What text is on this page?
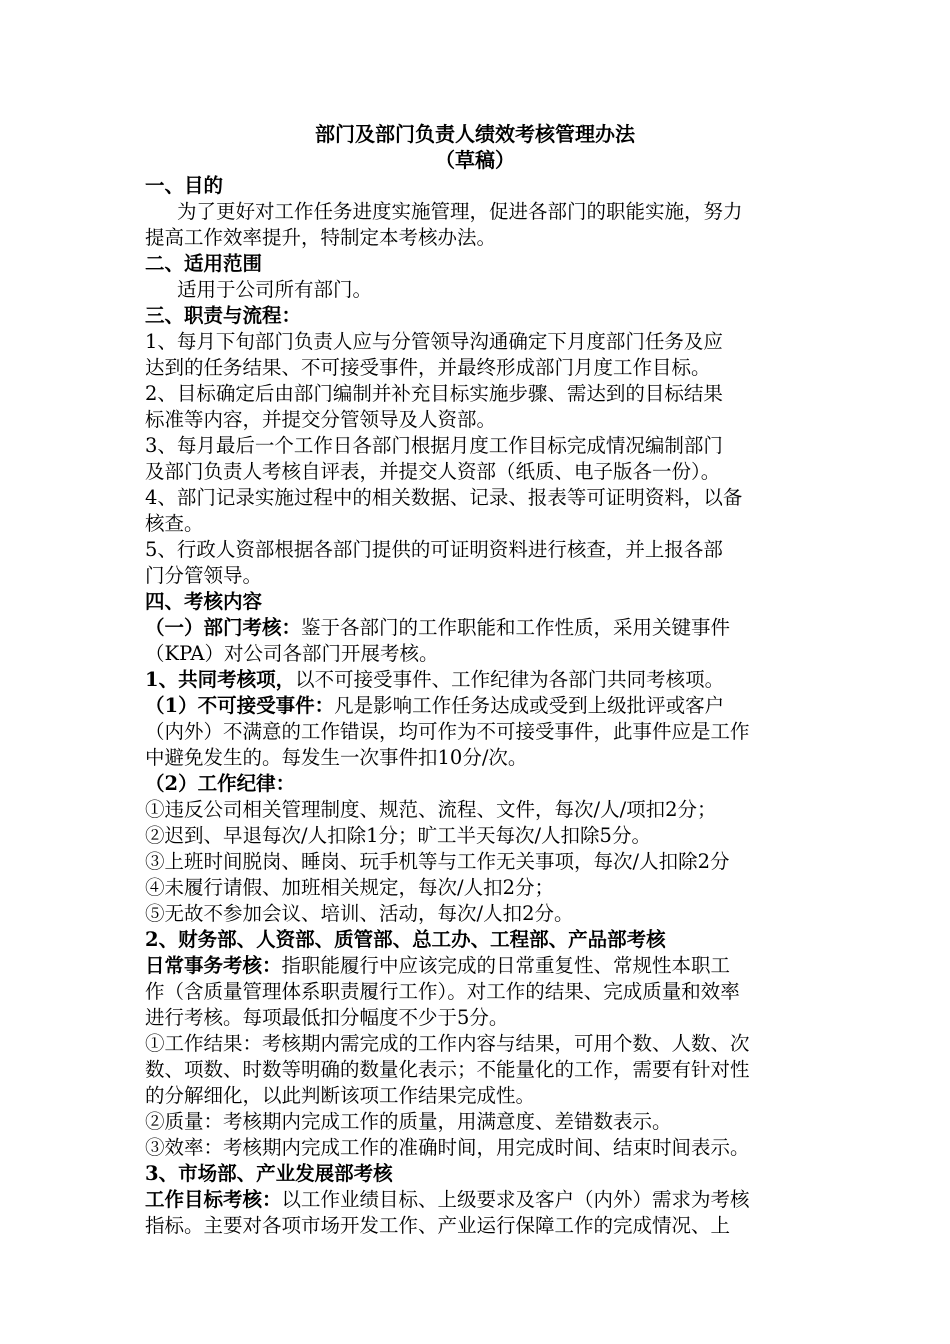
部门及部门负责人绩效考核管理办法
（草稿）
一、目的
为了更好对工作任务进度实施管理，促进各部门的职能实施，努力
提高工作效率提升，特制定本考核办法。
二、适用范围
适用于公司所有部门。
三、职责与流程：
1、每月下旬部门负责人应与分管领导沟通确定下月度部门任务及应
达到的任务结果、不可接受事件，并最终形成部门月度工作目标。
2、目标确定后由部门编制并补充目标实施步骤、需达到的目标结果
标准等内容，并提交分管领导及人资部。
3、每月最后一个工作日各部门根据月度工作目标完成情况编制部门
及部门负责人考核自评表，并提交人资部（纸质、电子版各一份）。
4、部门记录实施过程中的相关数据、记录、报表等可证明资料，以备
核查。
5、行政人资部根据各部门提供的可证明资料进行核查，并上报各部
门分管领导。
四、考核内容
（一）部门考核：鉴于各部门的工作职能和工作性质，采用关键事件
（KPA）对公司各部门开展考核。
1、共同考核项，以不可接受事件、工作纪律为各部门共同考核项。
（1）不可接受事件：凡是影响工作任务达成或受到上级批评或客户
（内外）不满意的工作错误，均可作为不可接受事件，此事件应是工作
中避免发生的。每发生一次事件扣10分/次。
（2）工作纪律：
①违反公司相关管理制度、规范、流程、文件，每次/人/项扣2分；
②迟到、早退每次/人扣除1分；旷工半天每次/人扣除5分。
③上班时间脱岗、睡岗、玩手机等与工作无关事项，每次/人扣除2分
④未履行请假、加班相关规定，每次/人扣2分；
⑤无故不参加会议、培训、活动，每次/人扣2分。
2、财务部、人资部、质管部、总工办、工程部、产品部考核
日常事务考核：指职能履行中应该完成的日常重复性、常规性本职工
作（含质量管理体系职责履行工作）。对工作的结果、完成质量和效率
进行考核。每项最低扣分幅度不少于5分。
①工作结果：考核期内需完成的工作内容与结果，可用个数、人数、次
数、项数、时数等明确的数量化表示；不能量化的工作，需要有针对性
的分解细化，以此判断该项工作结果完成性。
②质量：考核期内完成工作的质量，用满意度、差错数表示。
③效率：考核期内完成工作的准确时间，用完成时间、结束时间表示。
3、市场部、产业发展部考核
工作目标考核：以工作业绩目标、上级要求及客户（内外）需求为考核
指标。主要对各项市场开发工作、产业运行保障工作的完成情况、上
